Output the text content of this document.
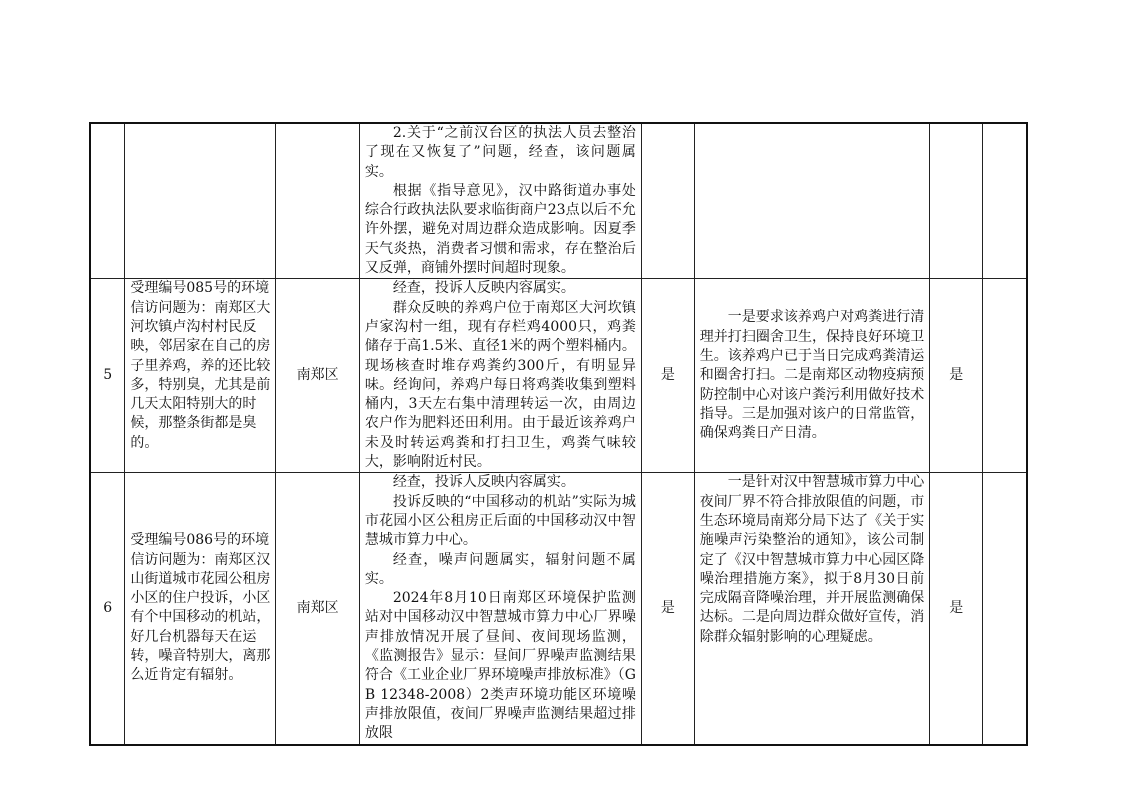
			2.关于“之前汉台区的执法人员去整治了现在又恢复了”问题，经查，该问题属实。

根据《指导意见》，汉中路街道办事处综合行政执法队要求临街商户23点以后不允许外摆，避免对周边群众造成影响。因夏季天气炎热，消费者习惯和需求，存在整治后又反弹，商铺外摆时间超时现象。				

5	受理编号085号的环境信访问题为：南郑区大河坎镇卢沟村村民反映，邻居家在自己的房子里养鸡，养的还比较多，特别臭，尤其是前几天太阳特别大的时候，那整条街都是臭的。	南郑区	经查，投诉人反映内容属实。

群众反映的养鸡户位于南郑区大河坎镇卢家沟村一组，现有存栏鸡4000只，鸡粪储存于高1.5米、直径1米的两个塑料桶内。现场核查时堆存鸡粪约300斤，有明显异味。经询问，养鸡户每日将鸡粪收集到塑料桶内，3天左右集中清理转运一次，由周边农户作为肥料还田利用。由于最近该养鸡户未及时转运鸡粪和打扫卫生，鸡粪气味较大，影响附近村民。	是	一是要求该养鸡户对鸡粪进行清理并打扫圈舍卫生，保持良好环境卫生。该养鸡户已于当日完成鸡粪清运和圈舍打扫。二是南郑区动物疫病预防控制中心对该户粪污利用做好技术指导。三是加强对该户的日常监管，确保鸡粪日产日清。	是	
6	受理编号086号的环境信访问题为：南郑区汉山街道城市花园公租房小区的住户投诉，小区有个中国移动的机站，好几台机器每天在运转，噪音特别大，离那么近肯定有辐射。	南郑区	经查，投诉人反映内容属实。

投诉反映的“中国移动的机站”实际为城市花园小区公租房正后面的中国移动汉中智慧城市算力中心。

经查，噪声问题属实，辐射问题不属实。

2024年8月10日南郑区环境保护监测站对中国移动汉中智慧城市算力中心厂界噪声排放情况开展了昼间、夜间现场监测，《监测报告》显示：昼间厂界噪声监测结果符合《工业企业厂界环境噪声排放标准》（GB 12348-2008）2类声环境功能区环境噪声排放限值，夜间厂界噪声监测结果超过排放限	是	一是针对汉中智慧城市算力中心夜间厂界不符合排放限值的问题，市生态环境局南郑分局下达了《关于实施噪声污染整治的通知》，该公司制定了《汉中智慧城市算力中心园区降噪治理措施方案》，拟于8月30日前完成隔音降噪治理，并开展监测确保达标。二是向周边群众做好宣传，消除群众辐射影响的心理疑虑。	是	
